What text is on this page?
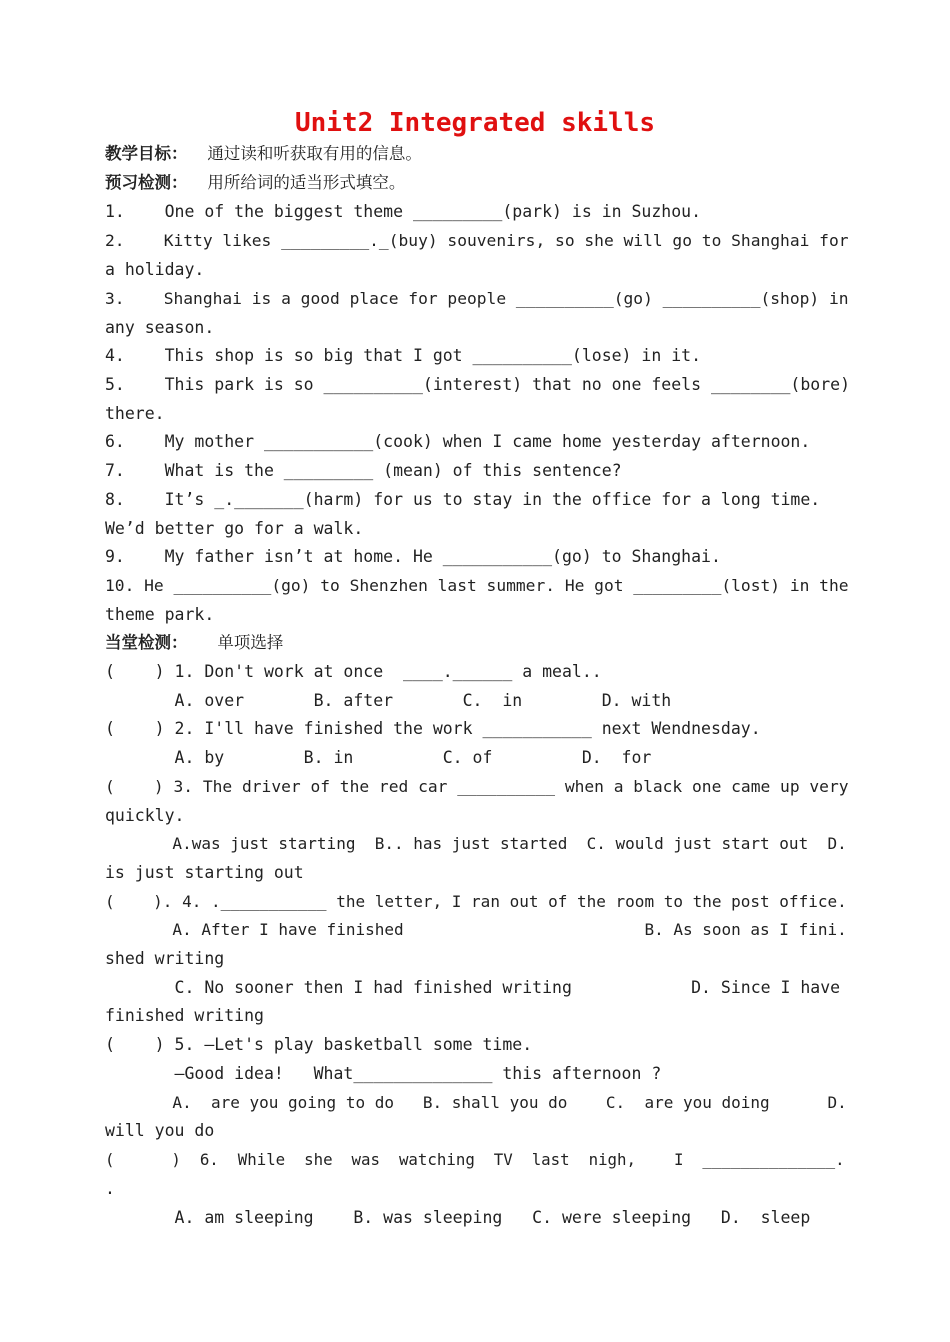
Unit2 Integrated skills
教学目标： 通过读和听获取有用的信息。
预习检测： 用所给词的适当形式填空。
1.    One of the biggest theme _________(park) is in Suzhou.
2.    Kitty likes _________._(buy) souvenirs, so she will go to Shanghai for
a holiday.
3.    Shanghai is a good place for people __________(go) __________(shop) in
any season.
4.    This shop is so big that I got __________(lose) in it.
5.    This park is so __________(interest) that no one feels ________(bore)
there.
6.    My mother ___________(cook) when I came home yesterday afternoon.
7.    What is the _________ (mean) of this sentence?
8.    It’s _._______(harm) for us to stay in the office for a long time.
We’d better go for a walk.
9.    My father isn’t at home. He ___________(go) to Shanghai.
10. He __________(go) to Shenzhen last summer. He got _________(lost) in the
theme park.
当堂检测： 单项选择
(    ) 1. Don't work at once  ____.______ a meal..
A. over       B. after       C.  in        D. with
(    ) 2. I'll have finished the work ___________ next Wendnesday.
A. by        B. in         C. of         D.  for
(    ) 3. The driver of the red car __________ when a black one came up very
quickly.
A.was just starting  B.. has just started  C. would just start out  D.
is just starting out
(    ). 4. .___________ the letter, I ran out of the room to the post office.
A. After I have finished                         B. As soon as I fini.
shed writing
C. No sooner then I had finished writing            D. Since I have
finished writing
(    ) 5. —Let's play basketball some time.
—Good idea!   What______________ this afternoon ?
A.  are you going to do   B. shall you do    C.  are you doing      D.
will you do
(      )  6.  While  she  was  watching  TV  last  nigh,    I  ______________.
.
A. am sleeping    B. was sleeping   C. were sleeping   D.  sleep
